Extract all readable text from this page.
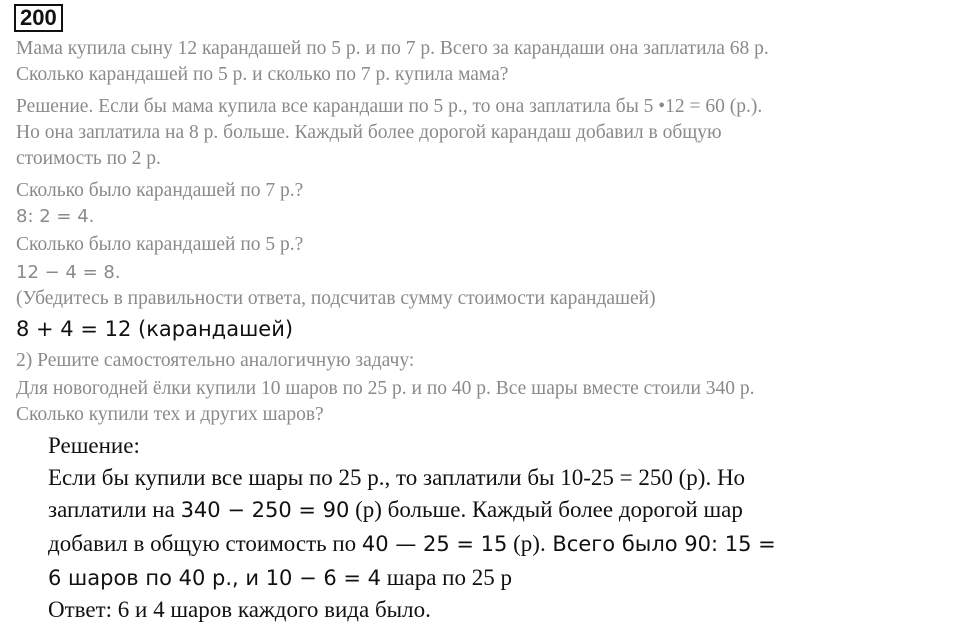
200
Мама купила сыну 12 карандашей по 5 р. и по 7 р. Всего за карандаши она заплатила 68 р.
Сколько карандашей по 5 р. и сколько по 7 р. купила мама?
Решение. Если бы мама купила все карандаши по 5 р., то она заплатила бы 5 •12 = 60 (р.).
Но она заплатила на 8 р. больше. Каждый более дорогой карандаш добавил в общую
стоимость по 2 р.
Сколько было карандашей по 7 р.?
8: 2 = 4.
Сколько было карандашей по 5 р.?
12 − 4 = 8.
(Убедитесь в правильности ответа, подсчитав сумму стоимости карандашей)
8 + 4 = 12 (карандашей)
2) Решите самостоятельно аналогичную задачу:
Для новогодней ёлки купили 10 шаров по 25 р. и по 40 р. Все шары вместе стоили 340 р.
Сколько купили тех и других шаров?
Решение:
Если бы купили все шары по 25 р., то заплатили бы 10-25 = 250 (р). Но
заплатили на 340 − 250 = 90 (р) больше. Каждый более дорогой шар
добавил в общую стоимость по 40 — 25 = 15 (р). Всего было 90: 15 =
6 шаров по 40 р., и 10 − 6 = 4 шара по 25 р
Ответ: 6 и 4 шаров каждого вида было.
